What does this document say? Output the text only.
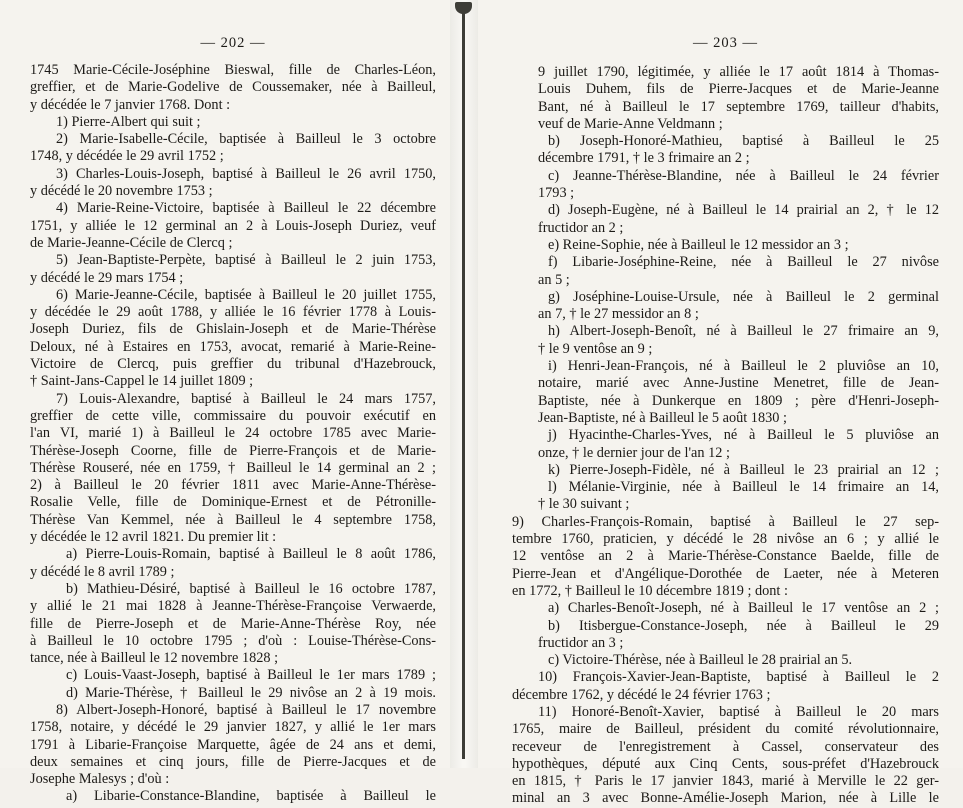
— 202 —
1745 Marie-Cécile-Joséphine Bieswal, fille de Charles-Léon,
greffier, et de Marie-Godelive de Coussemaker, née à Bailleul,
y décédée le 7 janvier 1768. Dont :
1) Pierre-Albert qui suit ;
2) Marie-Isabelle-Cécile, baptisée à Bailleul le 3 octobre
1748, y décédée le 29 avril 1752 ;
3) Charles-Louis-Joseph, baptisé à Bailleul le 26 avril 1750,
y décédé le 20 novembre 1753 ;
4) Marie-Reine-Victoire, baptisée à Bailleul le 22 décembre
1751, y alliée le 12 germinal an 2 à Louis-Joseph Duriez, veuf
de Marie-Jeanne-Cécile de Clercq ;
5) Jean-Baptiste-Perpète, baptisé à Bailleul le 2 juin 1753,
y décédé le 29 mars 1754 ;
6) Marie-Jeanne-Cécile, baptisée à Bailleul le 20 juillet 1755,
y décédée le 29 août 1788, y alliée le 16 février 1778 à Louis-
Joseph Duriez, fils de Ghislain-Joseph et de Marie-Thérèse
Deloux, né à Estaires en 1753, avocat, remarié à Marie-Reine-
Victoire de Clercq, puis greffier du tribunal d'Hazebrouck,
† Saint-Jans-Cappel le 14 juillet 1809 ;
7) Louis-Alexandre, baptisé à Bailleul le 24 mars 1757,
greffier de cette ville, commissaire du pouvoir exécutif en
l'an VI, marié 1) à Bailleul le 24 octobre 1785 avec Marie-
Thérèse-Joseph Coorne, fille de Pierre-François et de Marie-
Thérèse Rouseré, née en 1759, † Bailleul le 14 germinal an 2 ;
2) à Bailleul le 20 février 1811 avec Marie-Anne-Thérèse-
Rosalie Velle, fille de Dominique-Ernest et de Pétronille-
Thérèse Van Kemmel, née à Bailleul le 4 septembre 1758,
y décédée le 12 avril 1821. Du premier lit :
a) Pierre-Louis-Romain, baptisé à Bailleul le 8 août 1786,
y décédé le 8 avril 1789 ;
b) Mathieu-Désiré, baptisé à Bailleul le 16 octobre 1787,
y allié le 21 mai 1828 à Jeanne-Thérèse-Françoise Verwaerde,
fille de Pierre-Joseph et de Marie-Anne-Thérèse Roy, née
à Bailleul le 10 octobre 1795 ; d'où : Louise-Thérèse-Cons-
tance, née à Bailleul le 12 novembre 1828 ;
c) Louis-Vaast-Joseph, baptisé à Bailleul le 1er mars 1789 ;
d) Marie-Thérèse, † Bailleul le 29 nivôse an 2 à 19 mois.
8) Albert-Joseph-Honoré, baptisé à Bailleul le 17 novembre
1758, notaire, y décédé le 29 janvier 1827, y allié le 1er mars
1791 à Libarie-Françoise Marquette, âgée de 24 ans et demi,
deux semaines et cinq jours, fille de Pierre-Jacques et de
Josephe Malesys ; d'où :
a) Libarie-Constance-Blandine, baptisée à Bailleul le
— 203 —
9 juillet 1790, légitimée, y alliée le 17 août 1814 à Thomas-
Louis Duhem, fils de Pierre-Jacques et de Marie-Jeanne
Bant, né à Bailleul le 17 septembre 1769, tailleur d'habits,
veuf de Marie-Anne Veldmann ;
b) Joseph-Honoré-Mathieu, baptisé à Bailleul le 25
décembre 1791, † le 3 frimaire an 2 ;
c) Jeanne-Thérèse-Blandine, née à Bailleul le 24 février
1793 ;
d) Joseph-Eugène, né à Bailleul le 14 prairial an 2, † le 12
fructidor an 2 ;
e) Reine-Sophie, née à Bailleul le 12 messidor an 3 ;
f) Libarie-Joséphine-Reine, née à Bailleul le 27 nivôse
an 5 ;
g) Joséphine-Louise-Ursule, née à Bailleul le 2 germinal
an 7, † le 27 messidor an 8 ;
h) Albert-Joseph-Benoît, né à Bailleul le 27 frimaire an 9,
† le 9 ventôse an 9 ;
i) Henri-Jean-François, né à Bailleul le 2 pluviôse an 10,
notaire, marié avec Anne-Justine Menetret, fille de Jean-
Baptiste, née à Dunkerque en 1809 ; père d'Henri-Joseph-
Jean-Baptiste, né à Bailleul le 5 août 1830 ;
j) Hyacinthe-Charles-Yves, né à Bailleul le 5 pluviôse an
onze, † le dernier jour de l'an 12 ;
k) Pierre-Joseph-Fidèle, né à Bailleul le 23 prairial an 12 ;
l) Mélanie-Virginie, née à Bailleul le 14 frimaire an 14,
† le 30 suivant ;
9) Charles-François-Romain, baptisé à Bailleul le 27 sep-
tembre 1760, praticien, y décédé le 28 nivôse an 6 ; y allié le
12 ventôse an 2 à Marie-Thérèse-Constance Baelde, fille de
Pierre-Jean et d'Angélique-Dorothée de Laeter, née à Meteren
en 1772, † Bailleul le 10 décembre 1819 ; dont :
a) Charles-Benoît-Joseph, né à Bailleul le 17 ventôse an 2 ;
b) Itisbergue-Constance-Joseph, née à Bailleul le 29
fructidor an 3 ;
c) Victoire-Thérèse, née à Bailleul le 28 prairial an 5.
10) François-Xavier-Jean-Baptiste, baptisé à Bailleul le 2
décembre 1762, y décédé le 24 février 1763 ;
11) Honoré-Benoît-Xavier, baptisé à Bailleul le 20 mars
1765, maire de Bailleul, président du comité révolutionnaire,
receveur de l'enregistrement à Cassel, conservateur des
hypothèques, député aux Cinq Cents, sous-préfet d'Hazebrouck
en 1815, † Paris le 17 janvier 1843, marié à Merville le 22 ger-
minal an 3 avec Bonne-Amélie-Joseph Marion, née à Lille le
